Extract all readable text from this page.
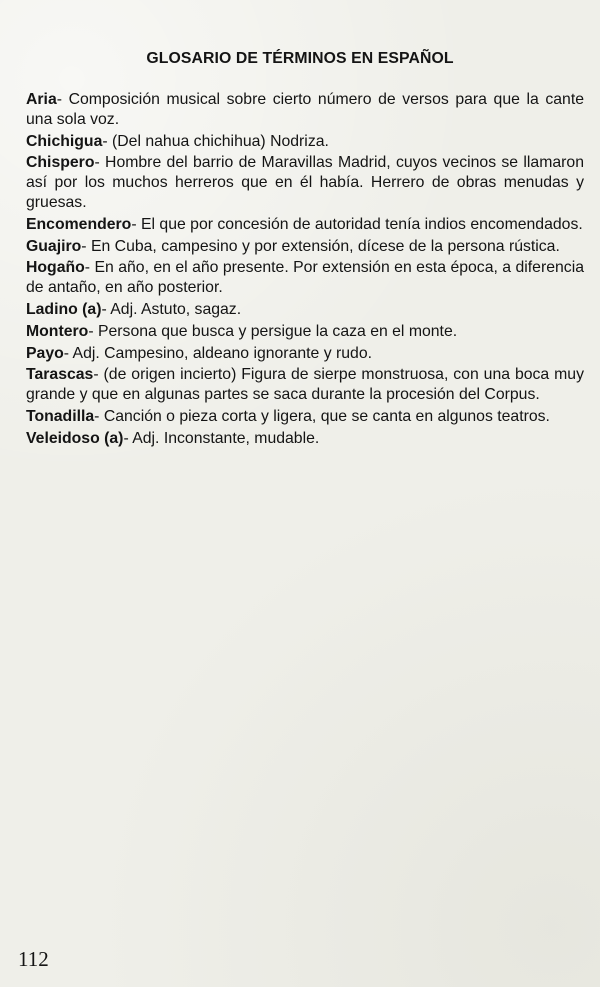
GLOSARIO DE TÉRMINOS EN ESPAÑOL

Aria- Composición musical sobre cierto número de versos para que la cante una sola voz.

Chichigua- (Del nahua chichihua) Nodriza.

Chispero- Hombre del barrio de Maravillas Madrid, cuyos vecinos se llamaron así por los muchos herreros que en él había. Herrero de obras menudas y gruesas.

Encomendero- El que por concesión de autoridad tenía indios encomendados.

Guajiro- En Cuba, campesino y por extensión, dícese de la persona rústica.

Hogaño- En año, en el año presente. Por extensión en esta época, a diferencia de antaño, en año posterior.

Ladino (a)- Adj. Astuto, sagaz.

Montero- Persona que busca y persigue la caza en el monte.

Payo- Adj. Campesino, aldeano ignorante y rudo.

Tarascas- (de origen incierto) Figura de sierpe monstruosa, con una boca muy grande y que en algunas partes se saca durante la procesión del Corpus.

Tonadilla- Canción o pieza corta y ligera, que se canta en algunos teatros.

Veleidoso (a)- Adj. Inconstante, mudable.

112
